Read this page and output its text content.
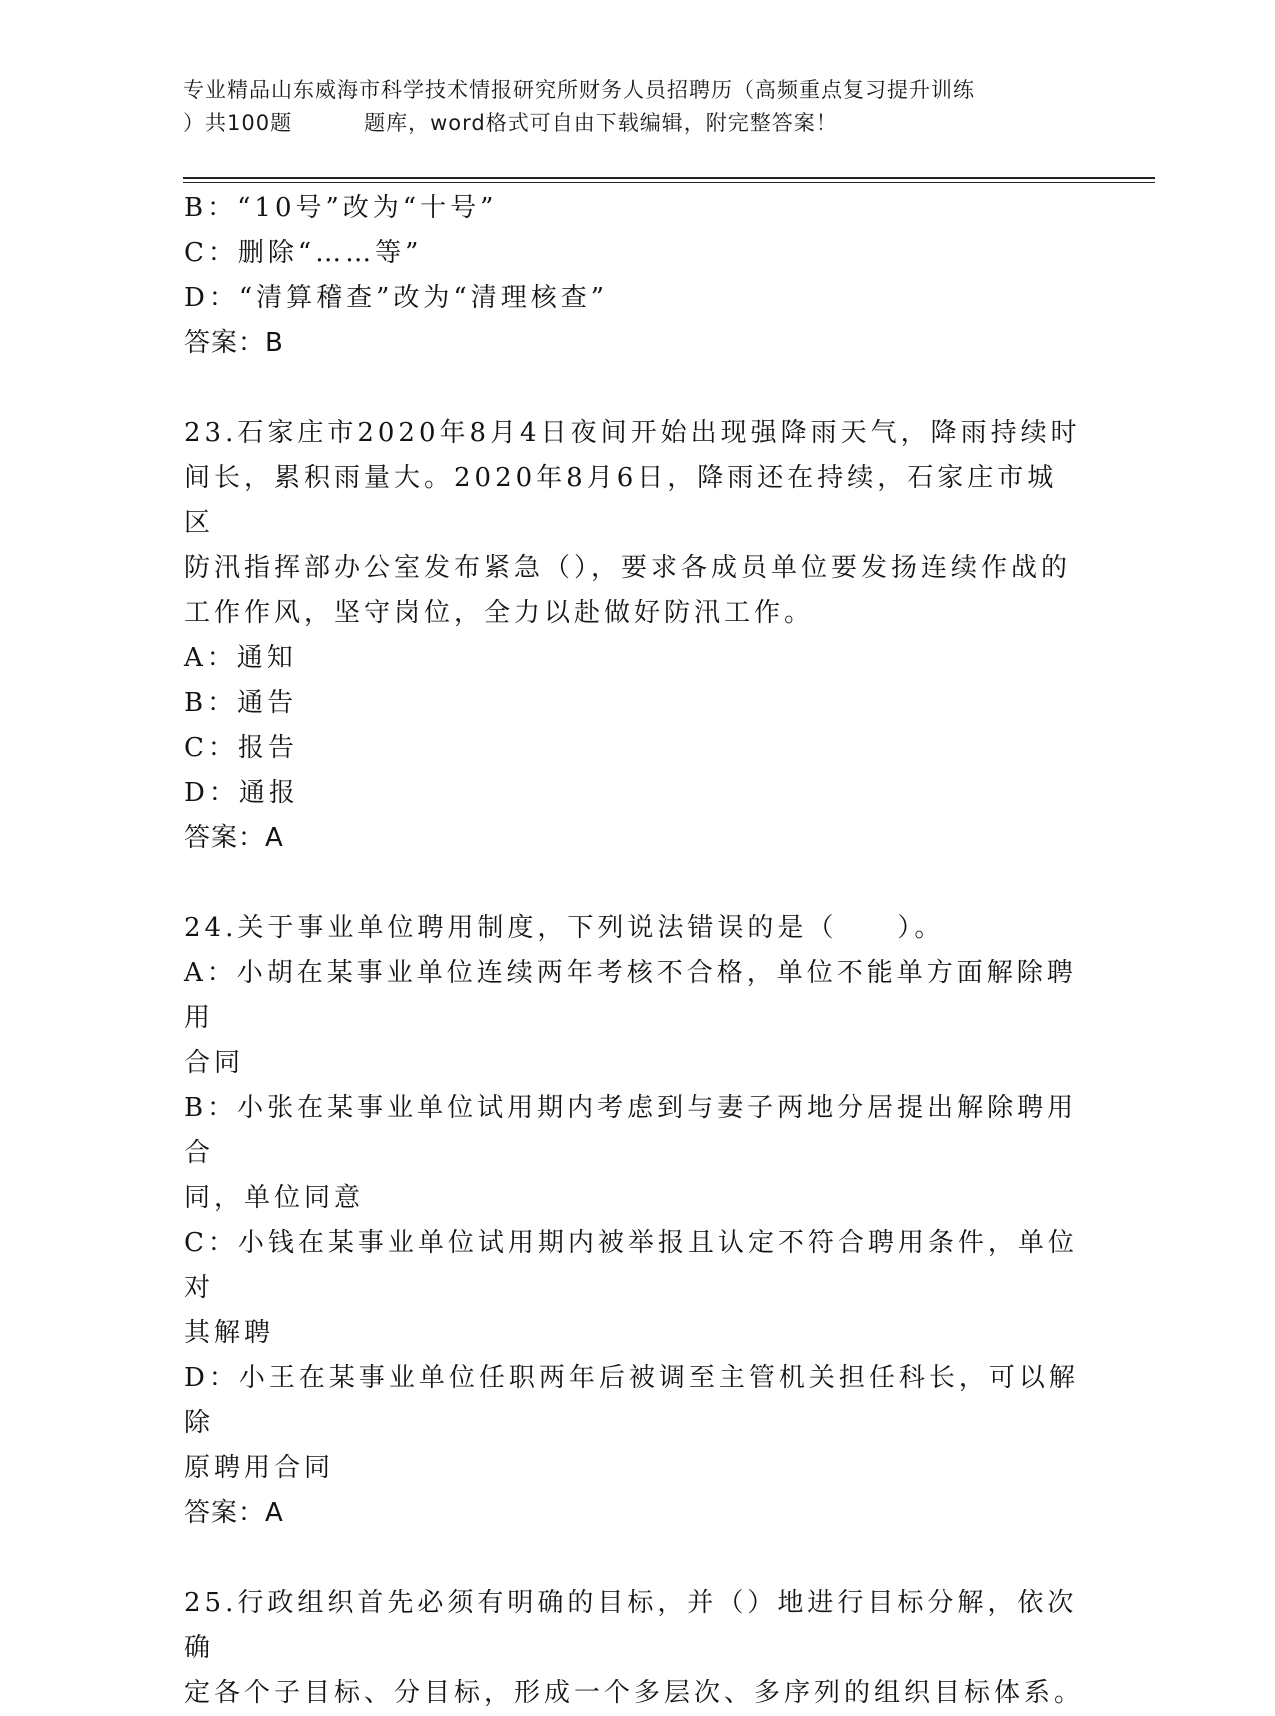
专业精品山东威海市科学技术情报研究所财务人员招聘历（高频重点复习提升训练
）共100题	题库，word格式可自由下载编辑，附完整答案！

B：“10号”改为“十号”

C：删除“……等”

D：“清算稽查”改为“清理核查”

答案：B

23.石家庄市2020年8月4日夜间开始出现强降雨天气，降雨持续时

间长，累积雨量大。2020年8月6日，降雨还在持续，石家庄市城区

防汛指挥部办公室发布紧急（），要求各成员单位要发扬连续作战的

工作作风，坚守岗位，全力以赴做好防汛工作。

A：通知

B：通告

C：报告

D：通报

答案：A

24.关于事业单位聘用制度，下列说法错误的是（　　）。

A：小胡在某事业单位连续两年考核不合格，单位不能单方面解除聘用

合同

B：小张在某事业单位试用期内考虑到与妻子两地分居提出解除聘用合

同，单位同意

C：小钱在某事业单位试用期内被举报且认定不符合聘用条件，单位对

其解聘

D：小王在某事业单位任职两年后被调至主管机关担任科长，可以解除

原聘用合同

答案：A

25.行政组织首先必须有明确的目标，并（）地进行目标分解，依次确

定各个子目标、分目标，形成一个多层次、多序列的组织目标体系。
